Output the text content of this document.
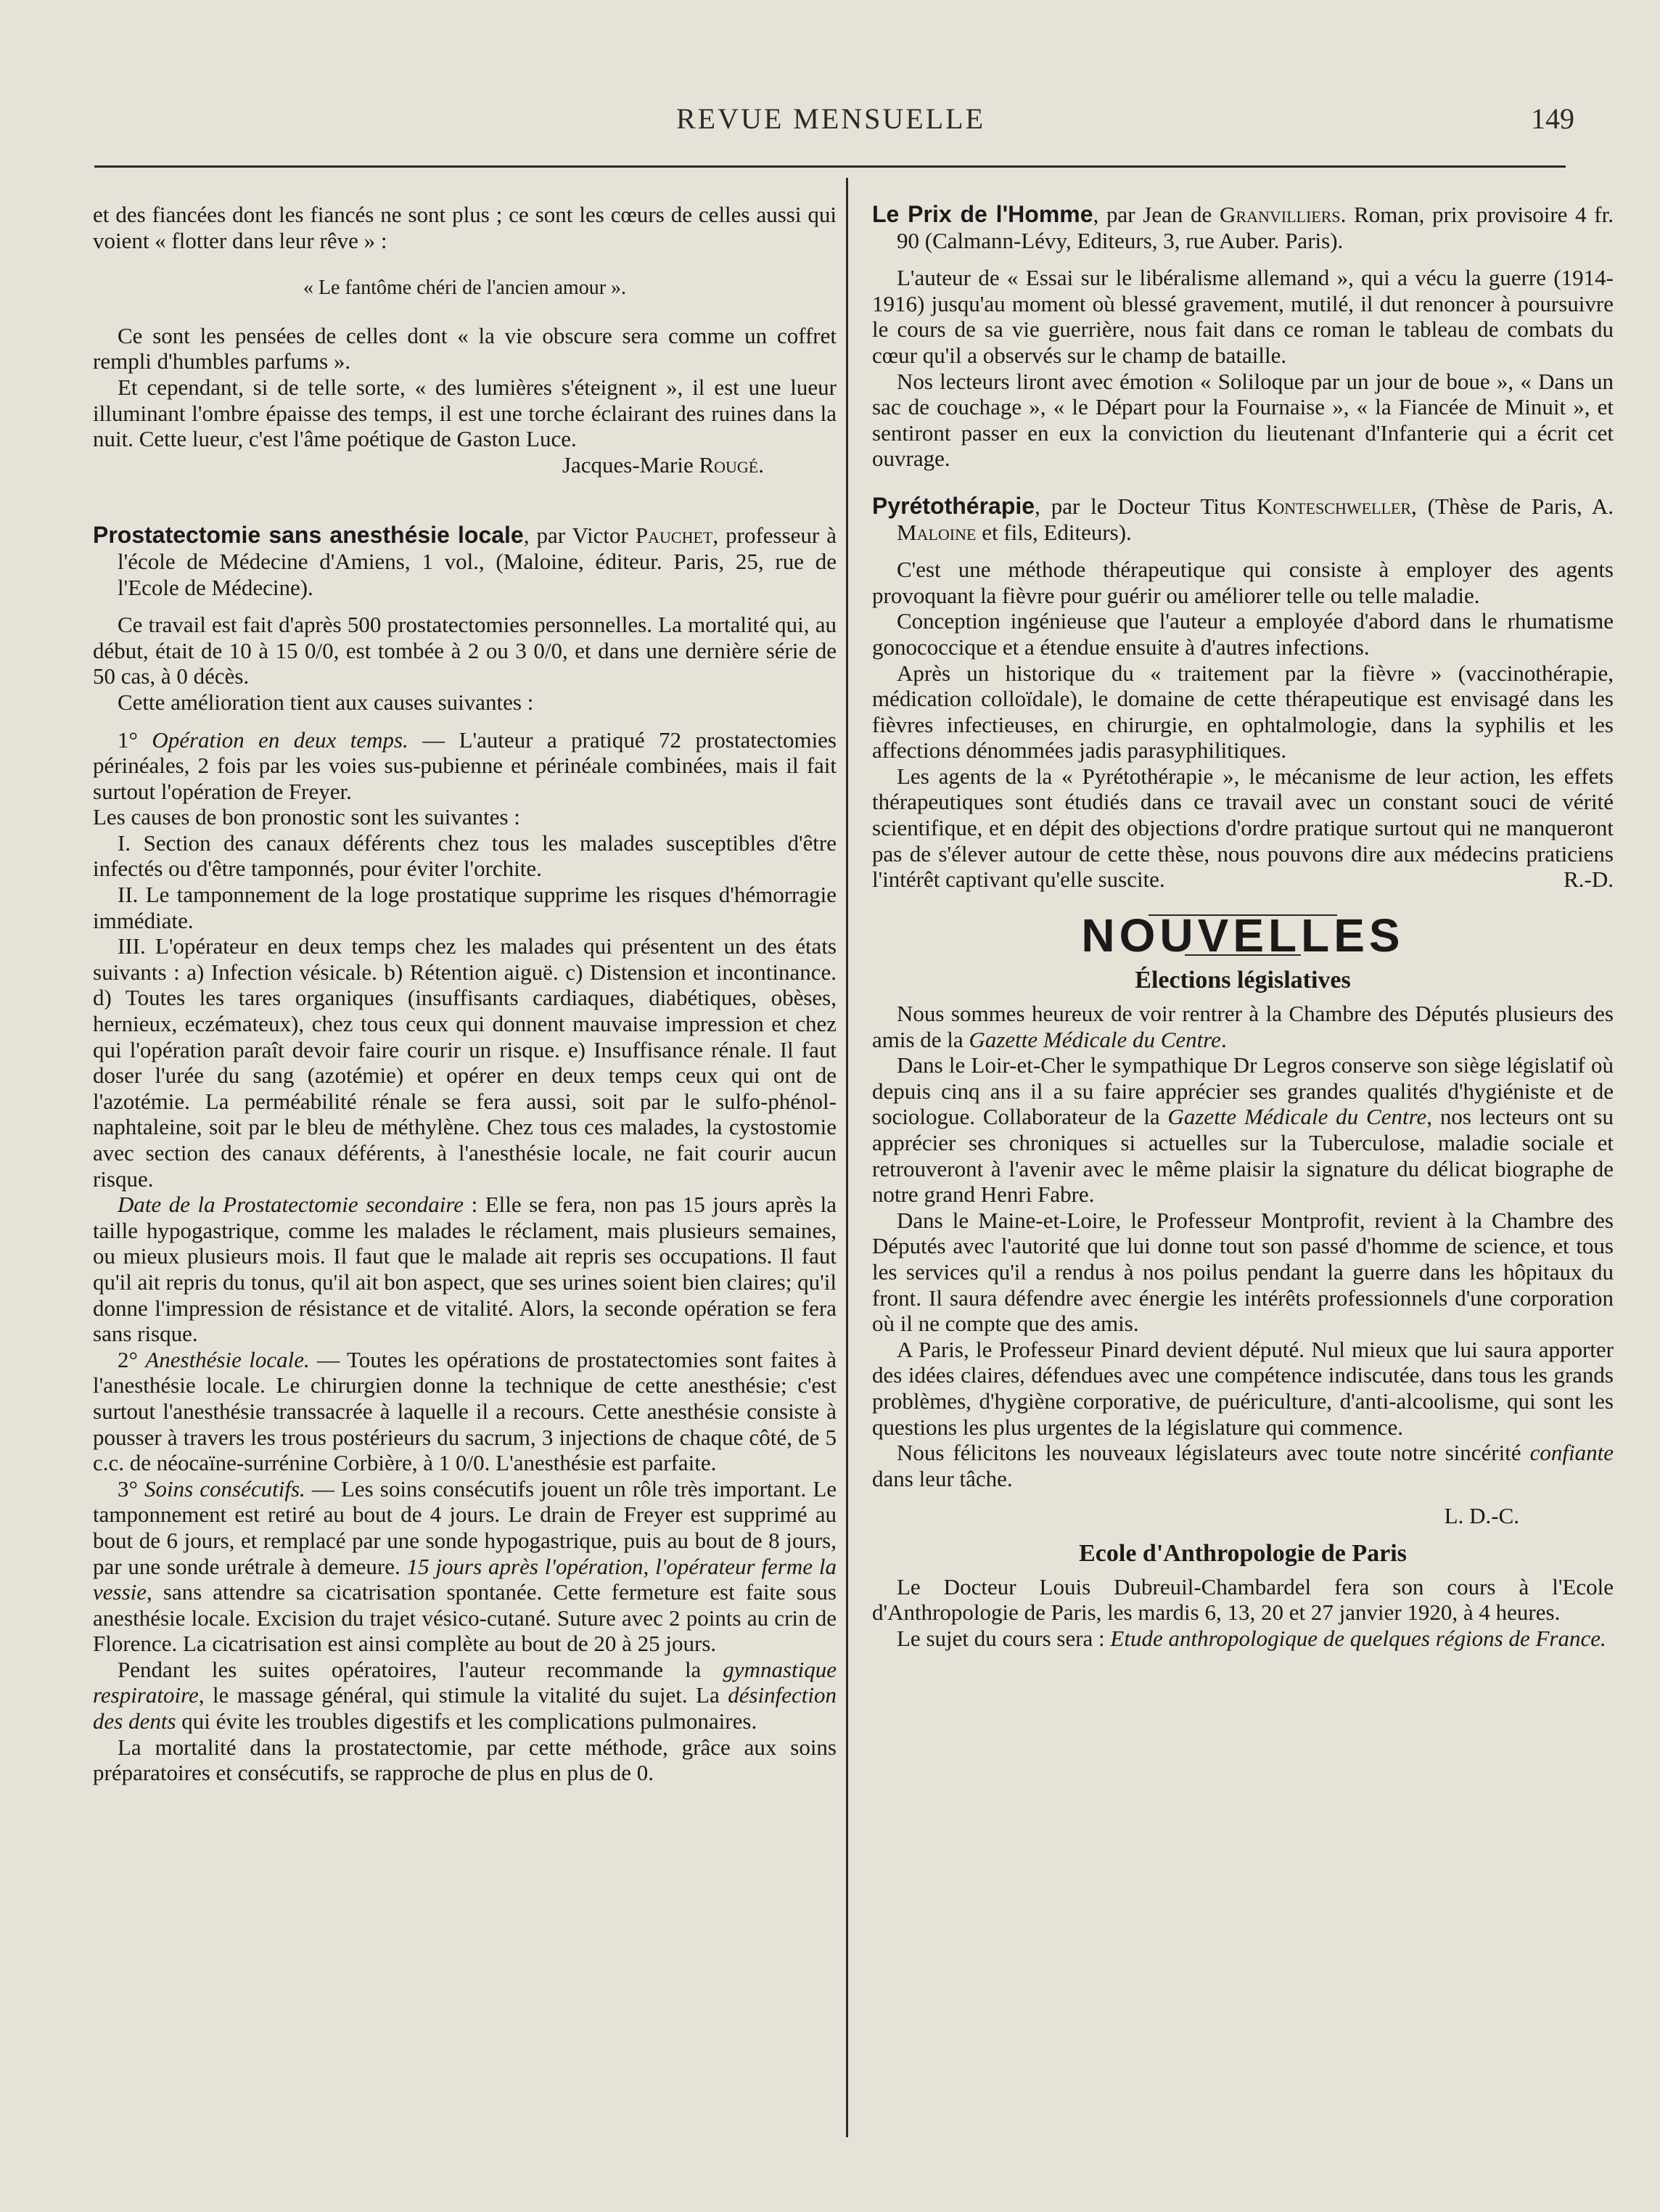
REVUE MENSUELLE	149

et des fiancées dont les fiancés ne sont plus ; ce sont les cœurs de celles aussi qui voient « flotter dans leur rêve » :

« Le fantôme chéri de l'ancien amour ».

Ce sont les pensées de celles dont « la vie obscure sera comme un coffret rempli d'humbles parfums ».

Et cependant, si de telle sorte, « des lumières s'éteignent », il est une lueur illuminant l'ombre épaisse des temps, il est une torche éclairant des ruines dans la nuit. Cette lueur, c'est l'âme poétique de Gaston Luce.

Jacques-Marie Rougé.

Prostatectomie sans anesthésie locale, par Victor Pauchet, professeur à l'école de Médecine d'Amiens, 1 vol., (Maloine, éditeur. Paris, 25, rue de l'Ecole de Médecine).

Ce travail est fait d'après 500 prostatectomies personnelles. La mortalité qui, au début, était de 10 à 15 0/0, est tombée à 2 ou 3 0/0, et dans une dernière série de 50 cas, à 0 décès.

Cette amélioration tient aux causes suivantes :

1° Opération en deux temps. — L'auteur a pratiqué 72 prostatectomies périnéales, 2 fois par les voies sus-pubienne et périnéale combinées, mais il fait surtout l'opération de Freyer.

Les causes de bon pronostic sont les suivantes :

I. Section des canaux déférents chez tous les malades susceptibles d'être infectés ou d'être tamponnés, pour éviter l'orchite.

II. Le tamponnement de la loge prostatique supprime les risques d'hémorragie immédiate.

III. L'opérateur en deux temps chez les malades qui présentent un des états suivants : a) Infection vésicale. b) Rétention aiguë. c) Distension et incontinance. d) Toutes les tares organiques (insuffisants cardiaques, diabétiques, obèses, hernieux, eczémateux), chez tous ceux qui donnent mauvaise impression et chez qui l'opération paraît devoir faire courir un risque. e) Insuffisance rénale. Il faut doser l'urée du sang (azotémie) et opérer en deux temps ceux qui ont de l'azotémie. La perméabilité rénale se fera aussi, soit par le sulfo-phénol-naphtaleine, soit par le bleu de méthylène. Chez tous ces malades, la cystostomie avec section des canaux déférents, à l'anesthésie locale, ne fait courir aucun risque.

Date de la Prostatectomie secondaire : Elle se fera, non pas 15 jours après la taille hypogastrique, comme les malades le réclament, mais plusieurs semaines, ou mieux plusieurs mois. Il faut que le malade ait repris ses occupations. Il faut qu'il ait repris du tonus, qu'il ait bon aspect, que ses urines soient bien claires; qu'il donne l'impression de résistance et de vitalité. Alors, la seconde opération se fera sans risque.

2° Anesthésie locale. — Toutes les opérations de prostatectomies sont faites à l'anesthésie locale. Le chirurgien donne la technique de cette anesthésie; c'est surtout l'anesthésie transsacrée à laquelle il a recours. Cette anesthésie consiste à pousser à travers les trous postérieurs du sacrum, 3 injections de chaque côté, de 5 c.c. de néocaïne-surrénine Corbière, à 1 0/0. L'anesthésie est parfaite.

3° Soins consécutifs. — Les soins consécutifs jouent un rôle très important. Le tamponnement est retiré au bout de 4 jours. Le drain de Freyer est supprimé au bout de 6 jours, et remplacé par une sonde hypogastrique, puis au bout de 8 jours, par une sonde urétrale à demeure. 15 jours après l'opération, l'opérateur ferme la vessie, sans attendre sa cicatrisation spontanée. Cette fermeture est faite sous anesthésie locale. Excision du trajet vésico-cutané. Suture avec 2 points au crin de Florence. La cicatrisation est ainsi complète au bout de 20 à 25 jours.

Pendant les suites opératoires, l'auteur recommande la gymnastique respiratoire, le massage général, qui stimule la vitalité du sujet. La désinfection des dents qui évite les troubles digestifs et les complications pulmonaires.

La mortalité dans la prostatectomie, par cette méthode, grâce aux soins préparatoires et consécutifs, se rapproche de plus en plus de 0.

Le Prix de l'Homme, par Jean de Granvilliers. Roman, prix provisoire 4 fr. 90 (Calmann-Lévy, Editeurs, 3, rue Auber. Paris).

L'auteur de « Essai sur le libéralisme allemand », qui a vécu la guerre (1914-1916) jusqu'au moment où blessé gravement, mutilé, il dut renoncer à poursuivre le cours de sa vie guerrière, nous fait dans ce roman le tableau de combats du cœur qu'il a observés sur le champ de bataille.

Nos lecteurs liront avec émotion « Soliloque par un jour de boue », « Dans un sac de couchage », « le Départ pour la Fournaise », « la Fiancée de Minuit », et sentiront passer en eux la conviction du lieutenant d'Infanterie qui a écrit cet ouvrage.

Pyrétothérapie, par le Docteur Titus Konteschweller, (Thèse de Paris, A. Maloine et fils, Editeurs).

C'est une méthode thérapeutique qui consiste à employer des agents provoquant la fièvre pour guérir ou améliorer telle ou telle maladie.

Conception ingénieuse que l'auteur a employée d'abord dans le rhumatisme gonococcique et a étendue ensuite à d'autres infections.

Après un historique du « traitement par la fièvre » (vaccinothérapie, médication colloïdale), le domaine de cette thérapeutique est envisagé dans les fièvres infectieuses, en chirurgie, en ophtalmologie, dans la syphilis et les affections dénommées jadis parasyphilitiques.

Les agents de la « Pyrétothérapie », le mécanisme de leur action, les effets thérapeutiques sont étudiés dans ce travail avec un constant souci de vérité scientifique, et en dépit des objections d'ordre pratique surtout qui ne manqueront pas de s'élever autour de cette thèse, nous pouvons dire aux médecins praticiens l'intérêt captivant qu'elle suscite.	R.-D.

NOUVELLES
Élections législatives

Nous sommes heureux de voir rentrer à la Chambre des Députés plusieurs des amis de la Gazette Médicale du Centre.

Dans le Loir-et-Cher le sympathique Dr Legros conserve son siège législatif où depuis cinq ans il a su faire apprécier ses grandes qualités d'hygiéniste et de sociologue. Collaborateur de la Gazette Médicale du Centre, nos lecteurs ont su apprécier ses chroniques si actuelles sur la Tuberculose, maladie sociale et retrouveront à l'avenir avec le même plaisir la signature du délicat biographe de notre grand Henri Fabre.

Dans le Maine-et-Loire, le Professeur Montprofit, revient à la Chambre des Députés avec l'autorité que lui donne tout son passé d'homme de science, et tous les services qu'il a rendus à nos poilus pendant la guerre dans les hôpitaux du front. Il saura défendre avec énergie les intérêts professionnels d'une corporation où il ne compte que des amis.

A Paris, le Professeur Pinard devient député. Nul mieux que lui saura apporter des idées claires, défendues avec une compétence indiscutée, dans tous les grands problèmes, d'hygiène corporative, de puériculture, d'anti-alcoolisme, qui sont les questions les plus urgentes de la législature qui commence.

Nous félicitons les nouveaux législateurs avec toute notre sincérité confiante dans leur tâche.

L. D.-C.

Ecole d'Anthropologie de Paris

Le Docteur Louis Dubreuil-Chambardel fera son cours à l'Ecole d'Anthropologie de Paris, les mardis 6, 13, 20 et 27 janvier 1920, à 4 heures.

Le sujet du cours sera : Etude anthropologique de quelques régions de France.
